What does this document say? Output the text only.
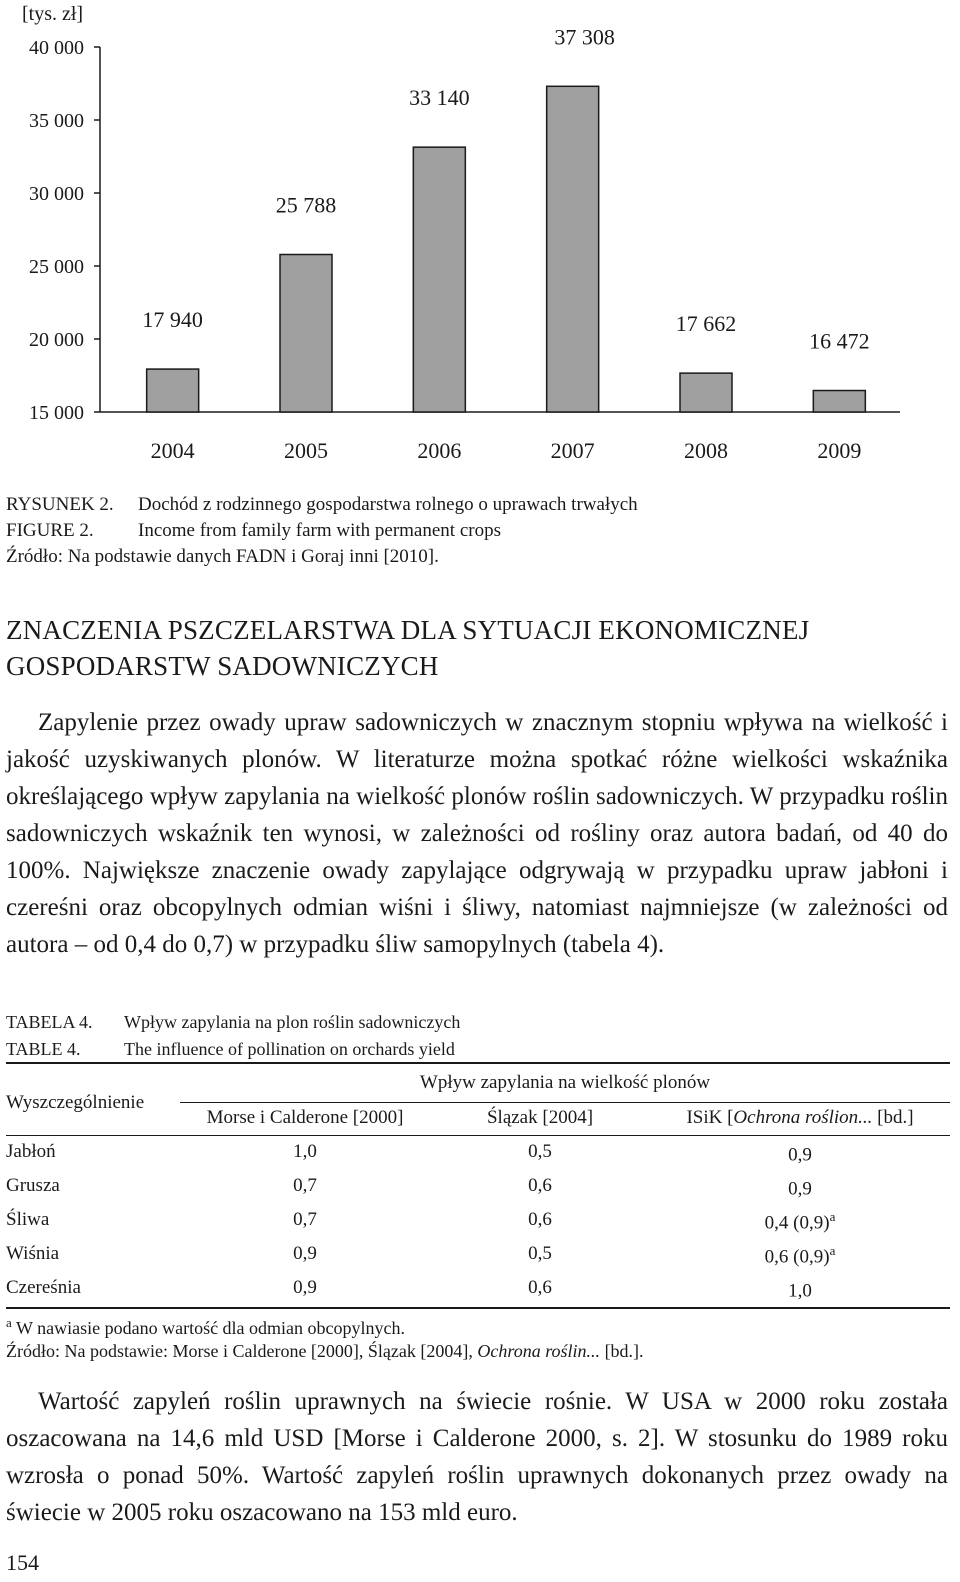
[tys. zł]
15 000
20 000
25 000
30 000
35 000
40 000
17 940
2004
25 788
2005
33 140
2006
37 308
2007
17 662
2008
16 472
2009
RYSUNEK 2. Dochód z rodzinnego gospodarstwa rolnego o uprawach trwałych
FIGURE 2. Income from family farm with permanent crops
Źródło: Na podstawie danych FADN i Goraj inni [2010].
ZNACZENIA PSZCZELARSTWA DLA SYTUACJI EKONOMICZNEJ
GOSPODARSTW SADOWNICZYCH

Zapylenie przez owady upraw sadowniczych w znacznym stopniu wpływa na wielkość i jakość uzyskiwanych plonów. W literaturze można spotkać różne wielkości wskaźnika określającego wpływ zapylania na wielkość plonów roślin sadowniczych. W przypadku roślin sadowniczych wskaźnik ten wynosi, w zależności od rośliny oraz autora badań, od 40 do 100%. Największe znaczenie owady zapylające odgrywają w przypadku upraw jabłoni i czereśni oraz obcopylnych odmian wiśni i śliwy, natomiast najmniejsze (w zależności od autora – od 0,4 do 0,7) w przypadku śliw samopylnych (tabela 4).

TABELA 4. Wpływ zapylania na plon roślin sadowniczych
TABLE 4. The influence of pollination on orchards yield
Wyszczególnienie
Wpływ zapylania na wielkość plonów
Morse i Calderone [2000]	Ślązak [2004]	ISiK [Ochrona roślion... [bd.]
Jabłoń	1,0	0,5	0,9
Grusza	0,7	0,6	0,9
Śliwa	0,7	0,6	0,4 $(0,9)^a$
Wiśnia	0,9	0,5	0,6 $(0,9)^a$
Czereśnia	0,9	0,6	1,0
$^a$ W nawiasie podano wartość dla odmian obcopylnych.
Źródło: Na podstawie: Morse i Calderone [2000], Ślązak [2004], Ochrona roślin... [bd.].

Wartość zapyleń roślin uprawnych na świecie rośnie. W USA w 2000 roku została oszacowana na 14,6 mld USD [Morse i Calderone 2000, s. 2]. W stosunku do 1989 roku wzrosła o ponad 50%. Wartość zapyleń roślin uprawnych dokonanych przez owady na świecie w 2005 roku oszacowano na 153 mld euro.

154
